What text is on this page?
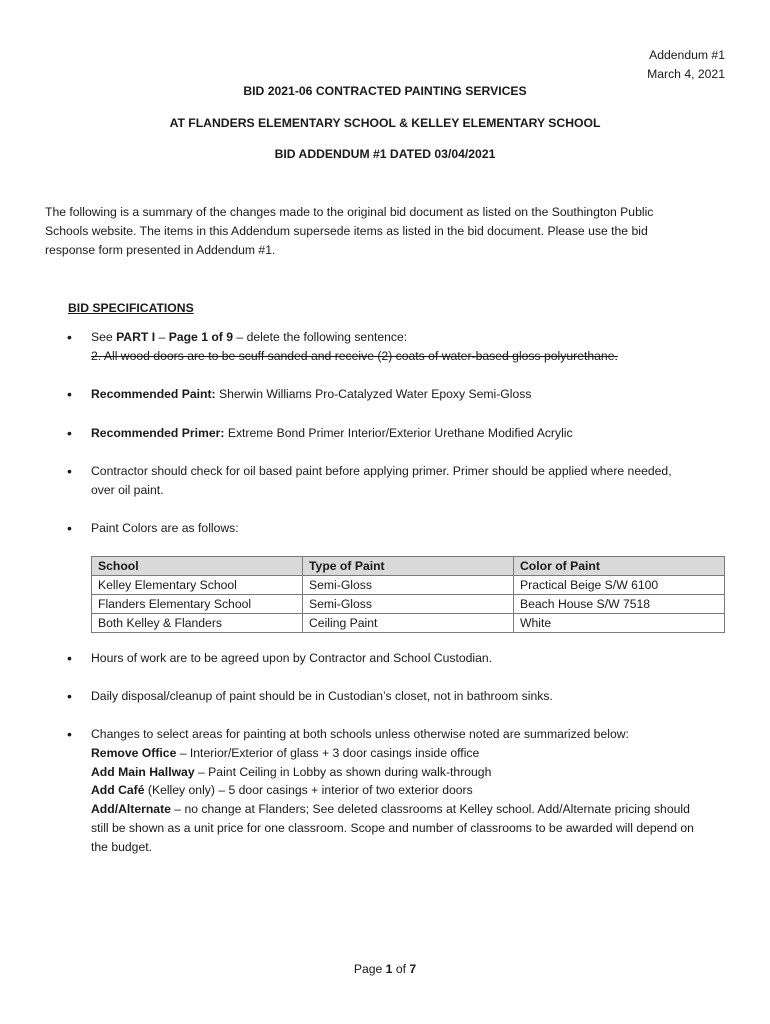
Addendum #1
March 4, 2021
BID 2021-06 CONTRACTED PAINTING SERVICES
AT FLANDERS ELEMENTARY SCHOOL & KELLEY ELEMENTARY SCHOOL
BID ADDENDUM #1 DATED 03/04/2021
The following is a summary of the changes made to the original bid document as listed on the Southington Public
Schools website. The items in this Addendum supersede items as listed in the bid document. Please use the bid
response form presented in Addendum #1.
BID SPECIFICATIONS
• See PART I – Page 1 of 9 – delete the following sentence:
2. All wood doors are to be scuff sanded and receive (2) coats of water-based gloss polyurethane.
• Recommended Paint: Sherwin Williams Pro-Catalyzed Water Epoxy Semi-Gloss
• Recommended Primer: Extreme Bond Primer Interior/Exterior Urethane Modified Acrylic
• Contractor should check for oil based paint before applying primer. Primer should be applied where needed,
over oil paint.
• Paint Colors are as follows:
School	Type of Paint	Color of Paint
Kelley Elementary School	Semi-Gloss	Practical Beige S/W 6100
Flanders Elementary School	Semi-Gloss	Beach House S/W 7518
Both Kelley & Flanders	Ceiling Paint	White
• Hours of work are to be agreed upon by Contractor and School Custodian.
• Daily disposal/cleanup of paint should be in Custodian’s closet, not in bathroom sinks.
• Changes to select areas for painting at both schools unless otherwise noted are summarized below:
Remove Office – Interior/Exterior of glass + 3 door casings inside office
Add Main Hallway – Paint Ceiling in Lobby as shown during walk-through
Add Café (Kelley only) – 5 door casings + interior of two exterior doors
Add/Alternate – no change at Flanders; See deleted classrooms at Kelley school. Add/Alternate pricing should
still be shown as a unit price for one classroom. Scope and number of classrooms to be awarded will depend on
the budget.
Page 1 of 7
